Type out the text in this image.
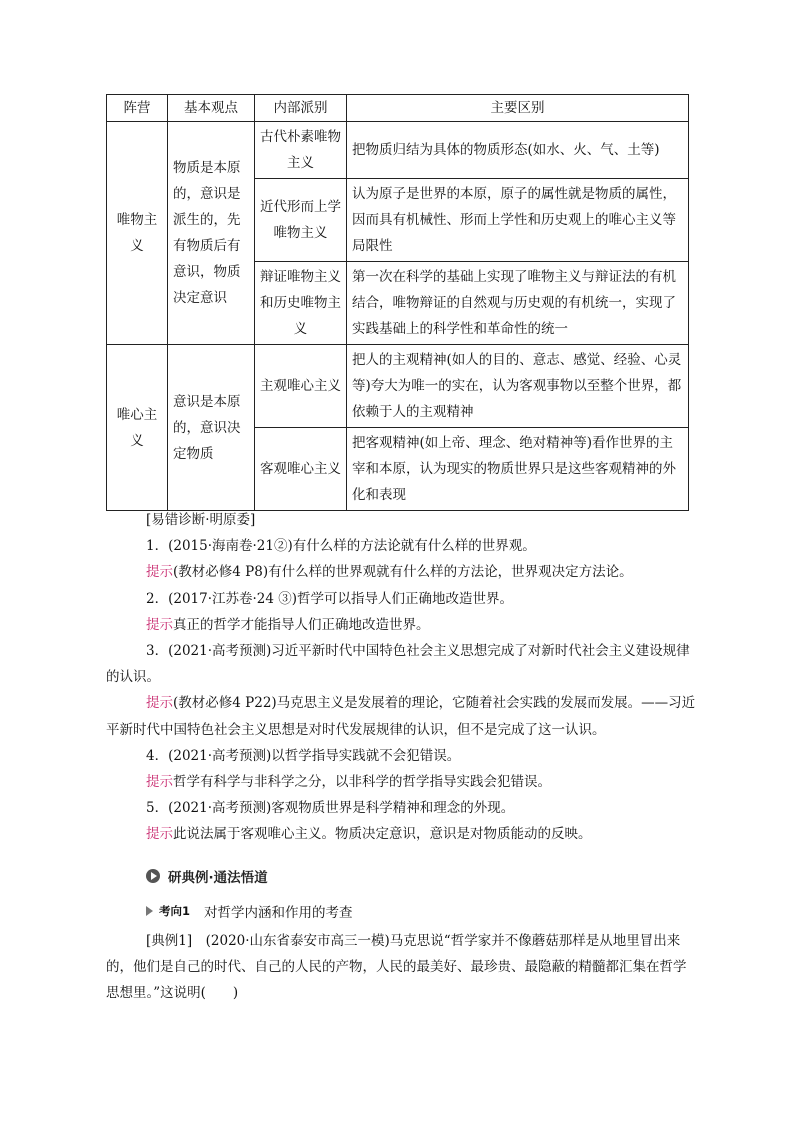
阵营	基本观点	内部派别	主要区别
唯物主义	物质是本原的，意识是派生的，先有物质后有意识，物质决定意识	古代朴素唯物主义	把物质归结为具体的物质形态(如水、火、气、土等)
		近代形而上学唯物主义	认为原子是世界的本原，原子的属性就是物质的属性，因而具有机械性、形而上学性和历史观上的唯心主义等局限性
		辩证唯物主义和历史唯物主义	第一次在科学的基础上实现了唯物主义与辩证法的有机结合，唯物辩证的自然观与历史观的有机统一，实现了实践基础上的科学性和革命性的统一
唯心主义	意识是本原的，意识决定物质	主观唯心主义	把人的主观精神(如人的目的、意志、感觉、经验、心灵等)夸大为唯一的实在，认为客观事物以至整个世界，都依赖于人的主观精神
		客观唯心主义	把客观精神(如上帝、理念、绝对精神等)看作世界的主宰和本原，认为现实的物质世界只是这些客观精神的外化和表现

[易错诊断·明原委]

1．(2015·海南卷·21②)有什么样的方法论就有什么样的世界观。

提示(教材必修4 P8)有什么样的世界观就有什么样的方法论，世界观决定方法论。

2．(2017·江苏卷·24 ③)哲学可以指导人们正确地改造世界。

提示真正的哲学才能指导人们正确地改造世界。

3．(2021·高考预测)习近平新时代中国特色社会主义思想完成了对新时代社会主义建设规律的认识。

提示(教材必修4 P22)马克思主义是发展着的理论，它随着社会实践的发展而发展。——习近平新时代中国特色社会主义思想是对时代发展规律的认识，但不是完成了这一认识。

4．(2021·高考预测)以哲学指导实践就不会犯错误。

提示哲学有科学与非科学之分，以非科学的哲学指导实践会犯错误。

5．(2021·高考预测)客观物质世界是科学精神和理念的外现。

提示此说法属于客观唯心主义。物质决定意识，意识是对物质能动的反映。

研典例·通法悟道
考向1 对哲学内涵和作用的考查

[典例1]　(2020·山东省泰安市高三一模)马克思说“哲学家并不像蘑菇那样是从地里冒出来的，他们是自己的时代、自己的人民的产物，人民的最美好、最珍贵、最隐蔽的精髓都汇集在哲学思想里。”这说明(　　)
